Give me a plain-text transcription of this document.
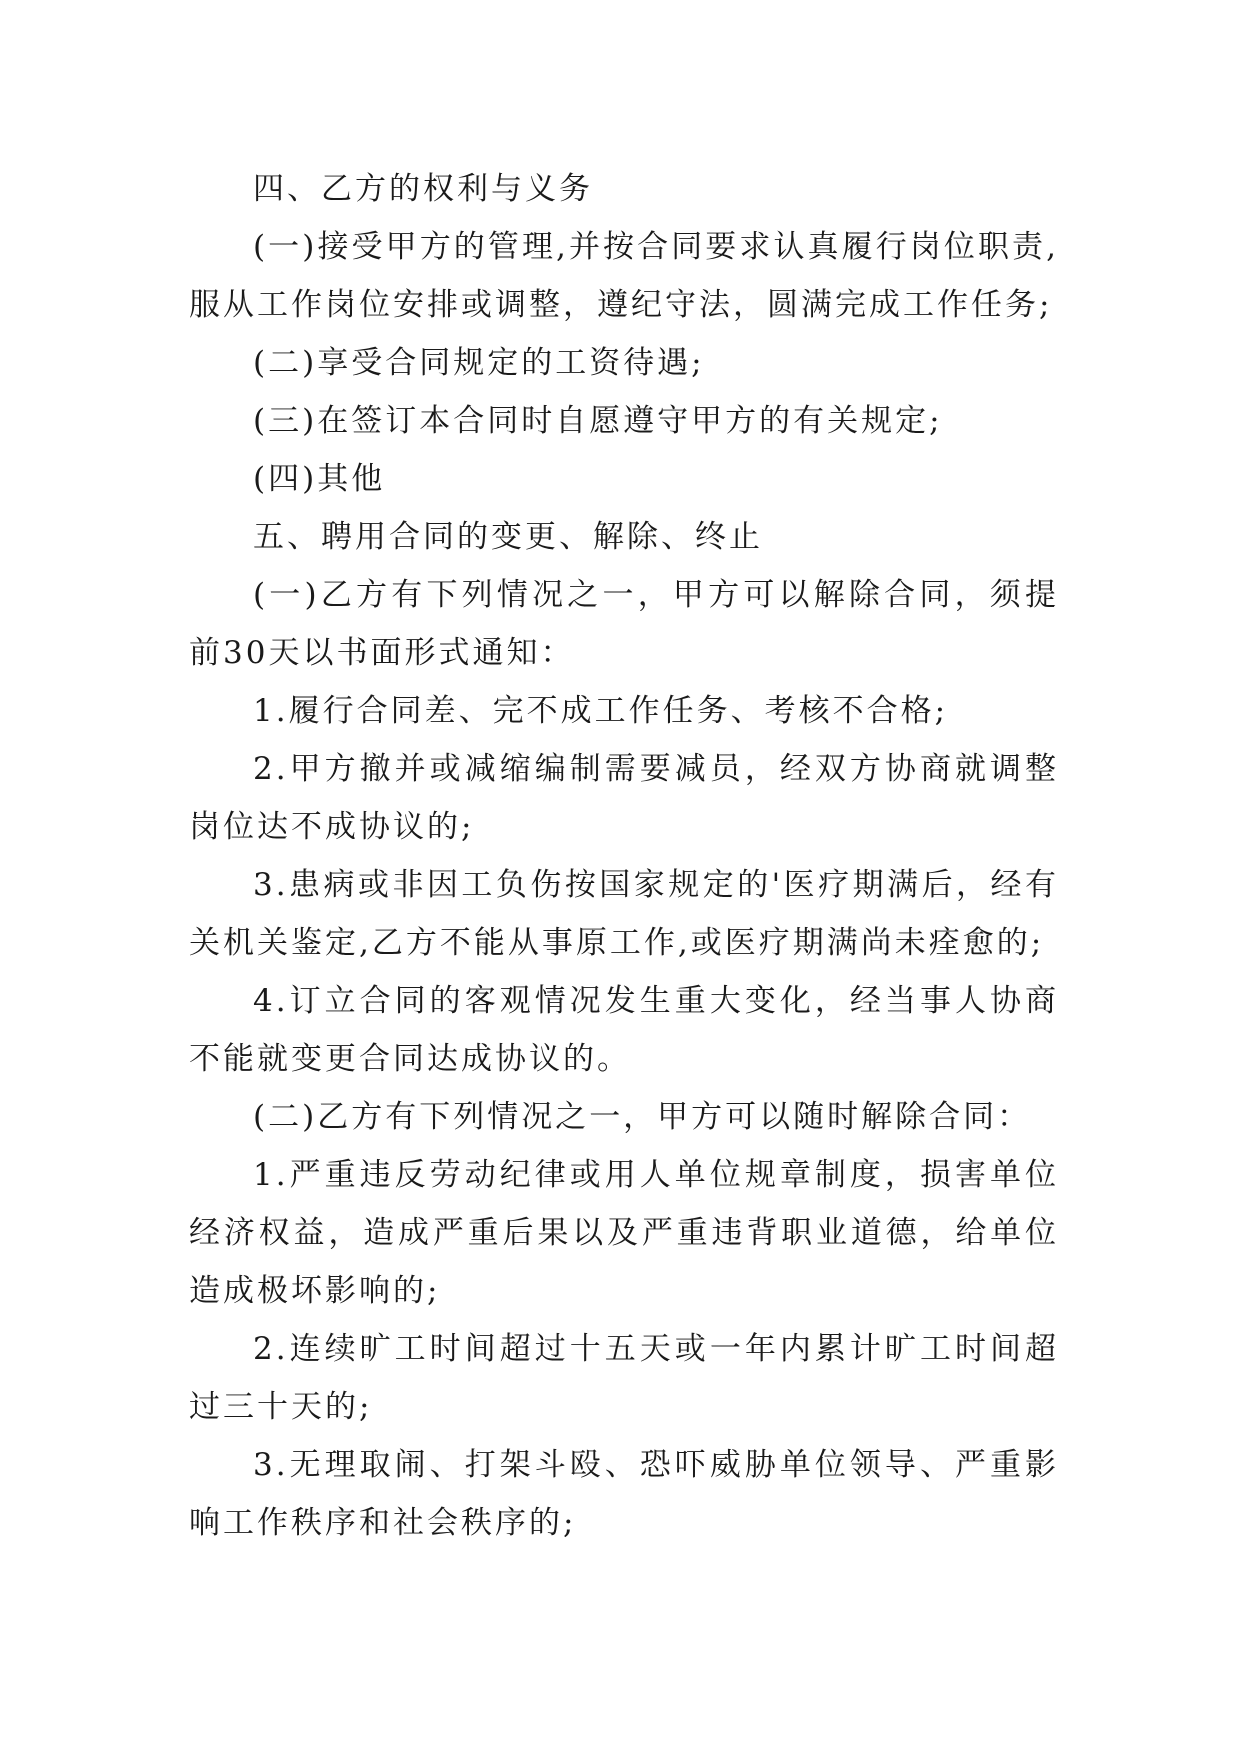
四、乙方的权利与义务

(一)接受甲方的管理,并按合同要求认真履行岗位职责,服从工作岗位安排或调整，遵纪守法，圆满完成工作任务;

(二)享受合同规定的工资待遇;

(三)在签订本合同时自愿遵守甲方的有关规定;

(四)其他

五、聘用合同的变更、解除、终止

(一)乙方有下列情况之一，甲方可以解除合同，须提前30天以书面形式通知：

1.履行合同差、完不成工作任务、考核不合格;

2.甲方撤并或减缩编制需要减员，经双方协商就调整岗位达不成协议的;

3.患病或非因工负伤按国家规定的'医疗期满后，经有关机关鉴定,乙方不能从事原工作,或医疗期满尚未痊愈的;

4.订立合同的客观情况发生重大变化，经当事人协商不能就变更合同达成协议的。

(二)乙方有下列情况之一，甲方可以随时解除合同：

1.严重违反劳动纪律或用人单位规章制度，损害单位经济权益，造成严重后果以及严重违背职业道德，给单位造成极坏影响的;

2.连续旷工时间超过十五天或一年内累计旷工时间超过三十天的;

3.无理取闹、打架斗殴、恐吓威胁单位领导、严重影响工作秩序和社会秩序的;
